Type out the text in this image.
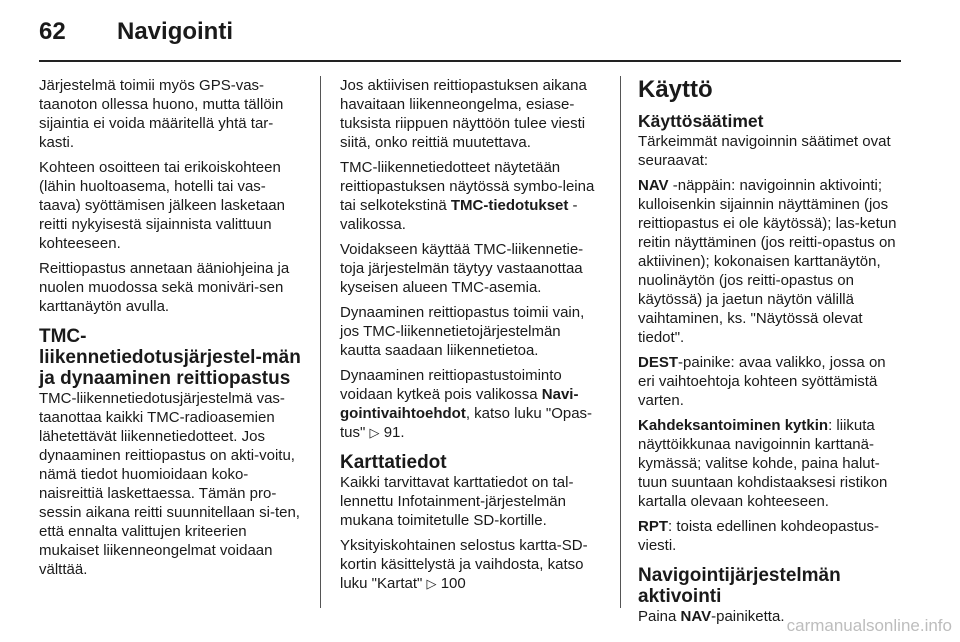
62 Navigointi

Järjestelmä toimii myös GPS-vas-taanoton ollessa huono, mutta tällöin sijaintia ei voida määritellä yhtä tar-kasti.

Kohteen osoitteen tai erikoiskohteen (lähin huoltoasema, hotelli tai vas-taava) syöttämisen jälkeen lasketaan reitti nykyisestä sijainnista valittuun kohteeseen.

Reittiopastus annetaan ääniohjeina ja nuolen muodossa sekä moniväri-sen karttanäytön avulla.

TMC-liikennetiedotusjärjestel-män ja dynaaminen reittiopastus

TMC-liikennetiedotusjärjestelmä vas-taanottaa kaikki TMC-radioasemien lähetettävät liikennetiedotteet. Jos dynaaminen reittiopastus on akti-voitu, nämä tiedot huomioidaan koko-naisreittiä laskettaessa. Tämän pro-sessin aikana reitti suunnitellaan si-ten, että ennalta valittujen kriteerien mukaiset liikenneongelmat voidaan välttää.

Jos aktiivisen reittiopastuksen aikana havaitaan liikenneongelma, esiase-tuksista riippuen näyttöön tulee viesti siitä, onko reittiä muutettava.

TMC-liikennetiedotteet näytetään reittiopastuksen näytössä symbo-leina tai selkotekstinä TMC-tiedotukset -valikossa.

Voidakseen käyttää TMC-liikennetie-toja järjestelmän täytyy vastaanottaa kyseisen alueen TMC-asemia.

Dynaaminen reittiopastus toimii vain, jos TMC-liikennetietojärjestelmän kautta saadaan liikennetietoa.

Dynaaminen reittiopastustoiminto voidaan kytkeä pois valikossa Navi-gointivaihtoehdot, katso luku "Opas-tus" ▷ 91.

Karttatiedot

Kaikki tarvittavat karttatiedot on tal-lennettu Infotainment-järjestelmän mukana toimitetulle SD-kortille.

Yksityiskohtainen selostus kartta-SD-kortin käsittelystä ja vaihdosta, katso luku "Kartat" ▷ 100

Käyttö
Käyttösäätimet

Tärkeimmät navigoinnin säätimet ovat seuraavat:

NAV -näppäin: navigoinnin aktivointi; kulloisenkin sijainnin näyttäminen (jos reittiopastus ei ole käytössä); las-ketun reitin näyttäminen (jos reitti-opastus on aktiivinen); kokonaisen karttanäytön, nuolinäytön (jos reitti-opastus on käytössä) ja jaetun näytön välillä vaihtaminen, ks. "Näytössä olevat tiedot".

DEST-painike: avaa valikko, jossa on eri vaihtoehtoja kohteen syöttämistä varten.

Kahdeksantoiminen kytkin: liikuta näyttöikkunaa navigoinnin karttanä-kymässä; valitse kohde, paina halut-tuun suuntaan kohdistaaksesi ristikon kartalla olevaan kohteeseen.

RPT: toista edellinen kohdeopastus-viesti.

Navigointijärjestelmän aktivointi

Paina NAV-painiketta. carmanualsonline.info
